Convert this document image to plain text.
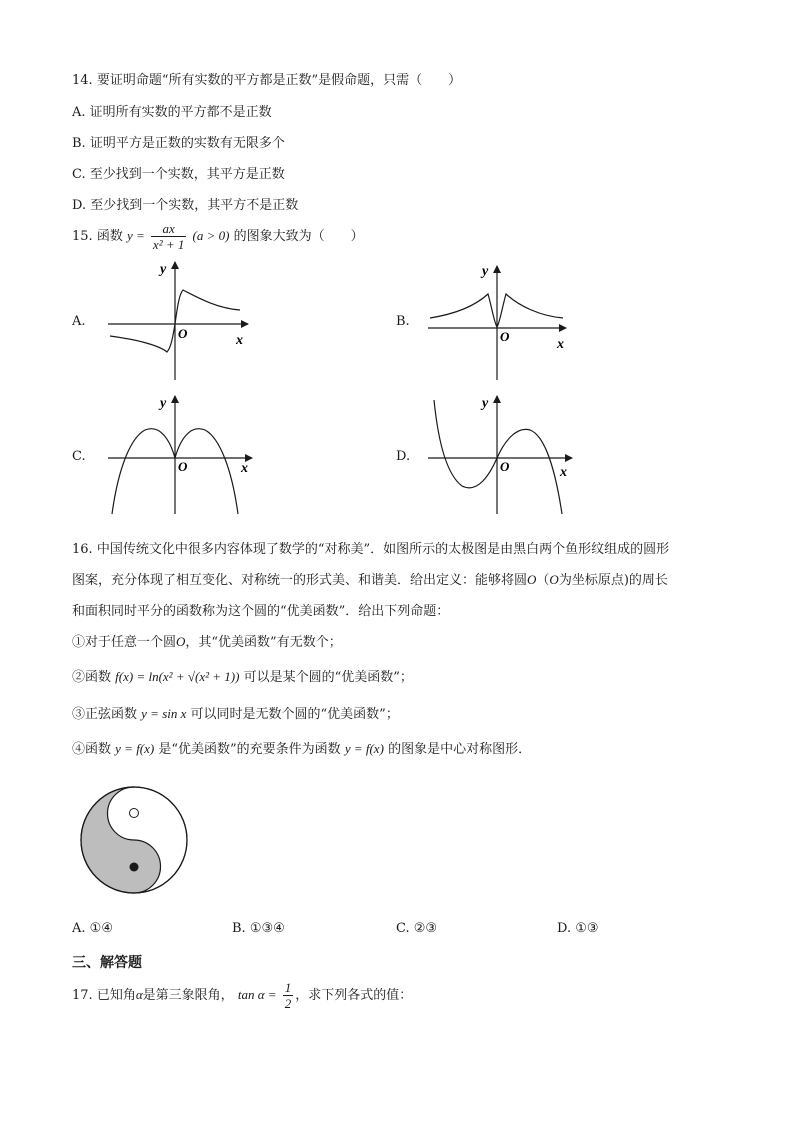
14. 要证明命题“所有实数的平方都是正数”是假命题，只需（　　）
A. 证明所有实数的平方都不是正数
B. 证明平方是正数的实数有无限多个
C. 至少找到一个实数，其平方是正数
D. 至少找到一个实数，其平方不是正数
15. 函数 $y = \frac{ax}{\text{x² + 1}} (a > 0)$ 的图象大致为（　　）
A.	B.
C.	D.
x
y
O
x
y
O
x
y
O	x
y
O
16. 中国传统文化中很多内容体现了数学的“对称美”．如图所示的太极图是由黑白两个鱼形纹组成的圆形
图案，充分体现了相互变化、对称统一的形式美、和谐美．给出定义：能够将圆O（O为坐标原点)的周长
和面积同时平分的函数称为这个圆的“优美函数”．给出下列命题：
①对于任意一个圆O，其“优美函数”有无数个；
②函数 f(x) = ln(x² + √(x² + 1)) 可以是某个圆的“优美函数”；
③正弦函数 y = sin x 可以同时是无数个圆的“优美函数”；
④函数 y = f(x) 是“优美函数”的充要条件为函数 y = f(x) 的图象是中心对称图形．
A. ①④	B. ①③④	C. ②③	D. ①③
三、解答题
17. 已知角α是第三象限角， $\tan \alpha = \frac{1}{2}$ ，求下列各式的值：
